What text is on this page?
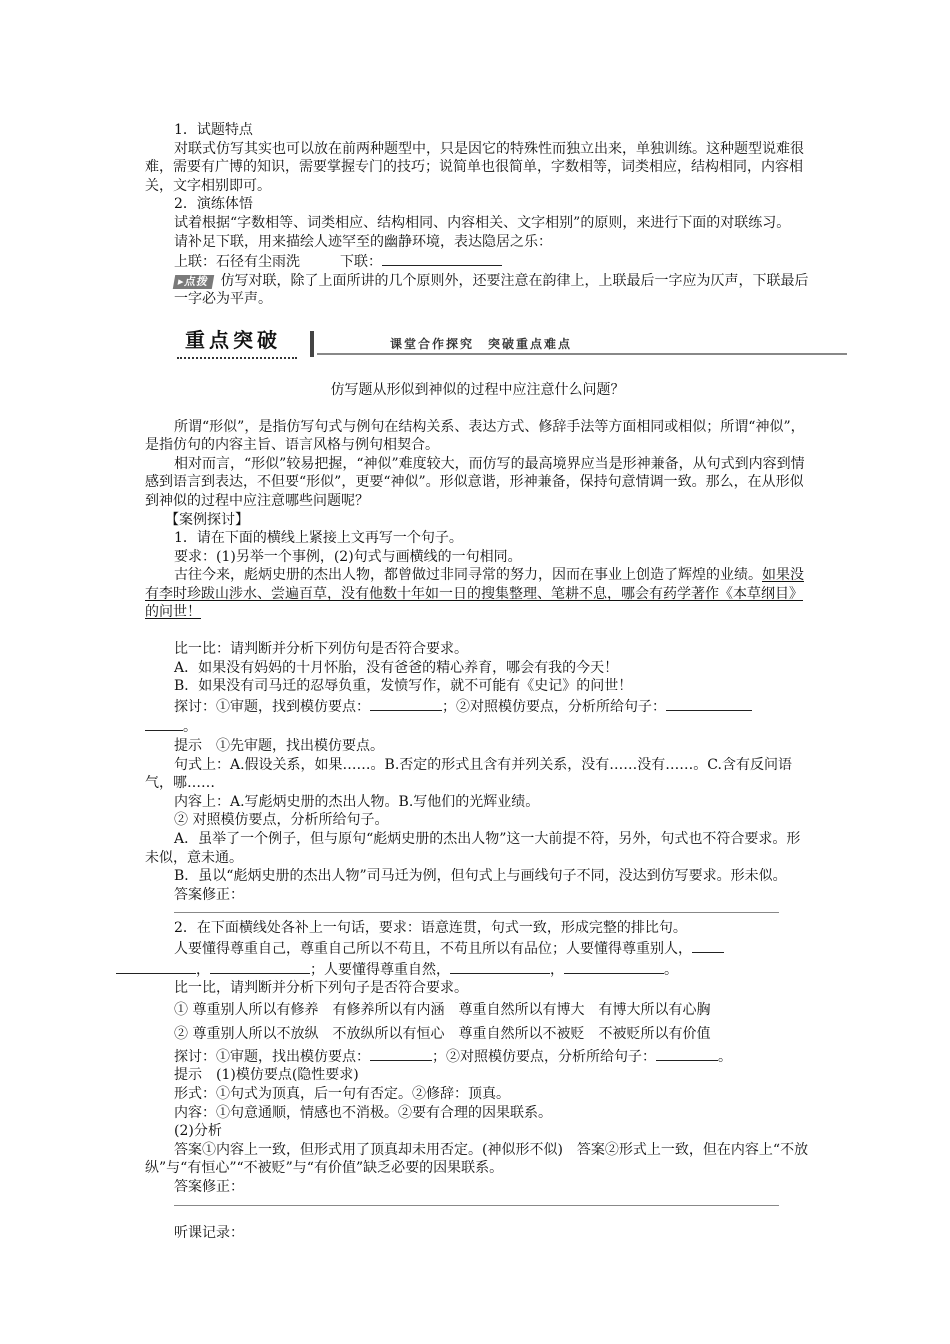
1．试题特点

对联式仿写其实也可以放在前两种题型中，只是因它的特殊性而独立出来，单独训练。这种题型说难很难，需要有广博的知识，需要掌握专门的技巧；说简单也很简单，字数相等，词类相应，结构相同，内容相关，文字相别即可。

2．演练体悟

试着根据“字数相等、词类相应、结构相同、内容相关、文字相别”的原则，来进行下面的对联练习。

请补足下联，用来描绘人迹罕至的幽静环境，表达隐居之乐：

上联：石径有尘雨洗	下联：

▸点拨 仿写对联，除了上面所讲的几个原则外，还要注意在韵律上，上联最后一字应为仄声，下联最后一字必为平声。

重点突破	课堂合作探究　突破重点难点

仿写题从形似到神似的过程中应注意什么问题？

所谓“形似”，是指仿写句式与例句在结构关系、表达方式、修辞手法等方面相同或相似；所谓“神似”，是指仿句的内容主旨、语言风格与例句相契合。

相对而言，“形似”较易把握，“神似”难度较大，而仿写的最高境界应当是形神兼备，从句式到内容到情感到语言到表达，不但要“形似”，更要“神似”。形似意谐，形神兼备，保持句意情调一致。那么，在从形似到神似的过程中应注意哪些问题呢？

【案例探讨】

1．请在下面的横线上紧接上文再写一个句子。

要求：(1)另举一个事例，(2)句式与画横线的一句相同。

古往今来，彪炳史册的杰出人物，都曾做过非同寻常的努力，因而在事业上创造了辉煌的业绩。如果没有李时珍跋山涉水、尝遍百草，没有他数十年如一日的搜集整理、笔耕不息，哪会有药学著作《本草纲目》的问世！

比一比：请判断并分析下列仿句是否符合要求。

A．如果没有妈妈的十月怀胎，没有爸爸的精心养育，哪会有我的今天！

B．如果没有司马迁的忍辱负重，发愤写作，就不可能有《史记》的问世！

探讨：①审题，找到模仿要点：	；②对照模仿要点，分析所给句子：
。

提示　①先审题，找出模仿要点。

句式上：A.假设关系，如果……。B.否定的形式且含有并列关系，没有……没有……。C.含有反问语气，哪……

内容上：A.写彪炳史册的杰出人物。B.写他们的光辉业绩。

② 对照模仿要点，分析所给句子。

A．虽举了一个例子，但与原句“彪炳史册的杰出人物”这一大前提不符，另外，句式也不符合要求。形未似，意未通。

B．虽以“彪炳史册的杰出人物”司马迁为例，但句式上与画线句子不同，没达到仿写要求。形未似。

答案修正：

2．在下面横线处各补上一句话，要求：语意连贯，句式一致，形成完整的排比句。

人要懂得尊重自己，尊重自己所以不苟且，不苟且所以有品位；人要懂得尊重别人，
，	；人要懂得尊重自然，	，	。

比一比，请判断并分析下列句子是否符合要求。

① 尊重别人所以有修养　有修养所以有内涵　尊重自然所以有博大　有博大所以有心胸

② 尊重别人所以不放纵　不放纵所以有恒心　尊重自然所以不被贬　不被贬所以有价值

探讨：①审题，找出模仿要点：	；②对照模仿要点，分析所给句子：	。

提示　(1)模仿要点(隐性要求)

形式：①句式为顶真，后一句有否定。②修辞：顶真。

内容：①句意通顺，情感也不消极。②要有合理的因果联系。

(2)分析

答案①内容上一致，但形式用了顶真却未用否定。(神似形不似)　答案②形式上一致，但在内容上“不放纵”与“有恒心”“不被贬”与“有价值”缺乏必要的因果联系。

答案修正：

听课记录：
